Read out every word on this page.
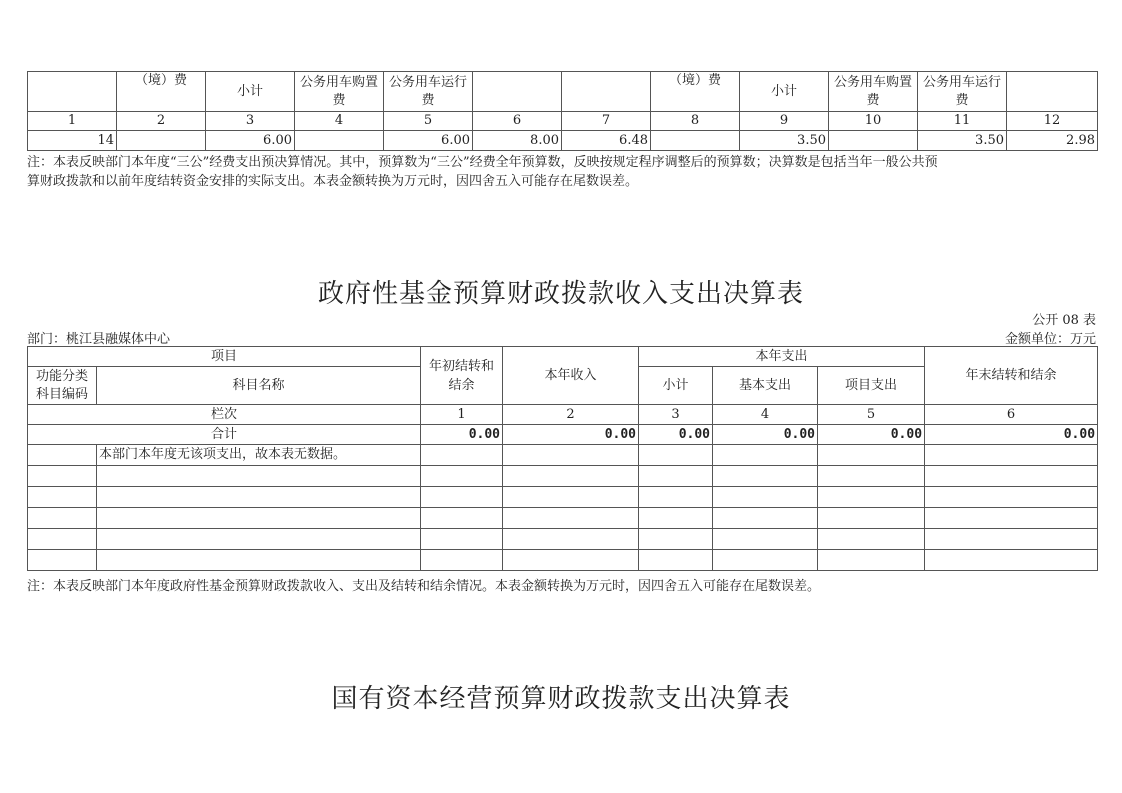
	（境）费	小计	公务用车购置费	公务用车运行费			（境）费	小计	公务用车购置费	公务用车运行费	
1	2	3	4	5	6	7	8	9	10	11	12
14		6.00		6.00	8.00	6.48		3.50		3.50	2.98
注：本表反映部门本年度“三公”经费支出预决算情况。其中，预算数为“三公”经费全年预算数，反映按规定程序调整后的预算数；决算数是包括当年一般公共预
算财政拨款和以前年度结转资金安排的实际支出。本表金额转换为万元时，因四舍五入可能存在尾数误差。
政府性基金预算财政拨款收入支出决算表
公开 08 表
部门：桃江县融媒体中心	金额单位：万元
项目		年初结转和结余	本年收入	本年支出			年末结转和结余
功能分类科目编码	科目名称			小计	基本支出	项目支出	
栏次		1	2	3	4	5	6
合计		0.00	0.00	0.00	0.00	0.00	0.00
	本部门本年度无该项支出，故本表无数据。						

注：本表反映部门本年度政府性基金预算财政拨款收入、支出及结转和结余情况。本表金额转换为万元时，因四舍五入可能存在尾数误差。
国有资本经营预算财政拨款支出决算表
